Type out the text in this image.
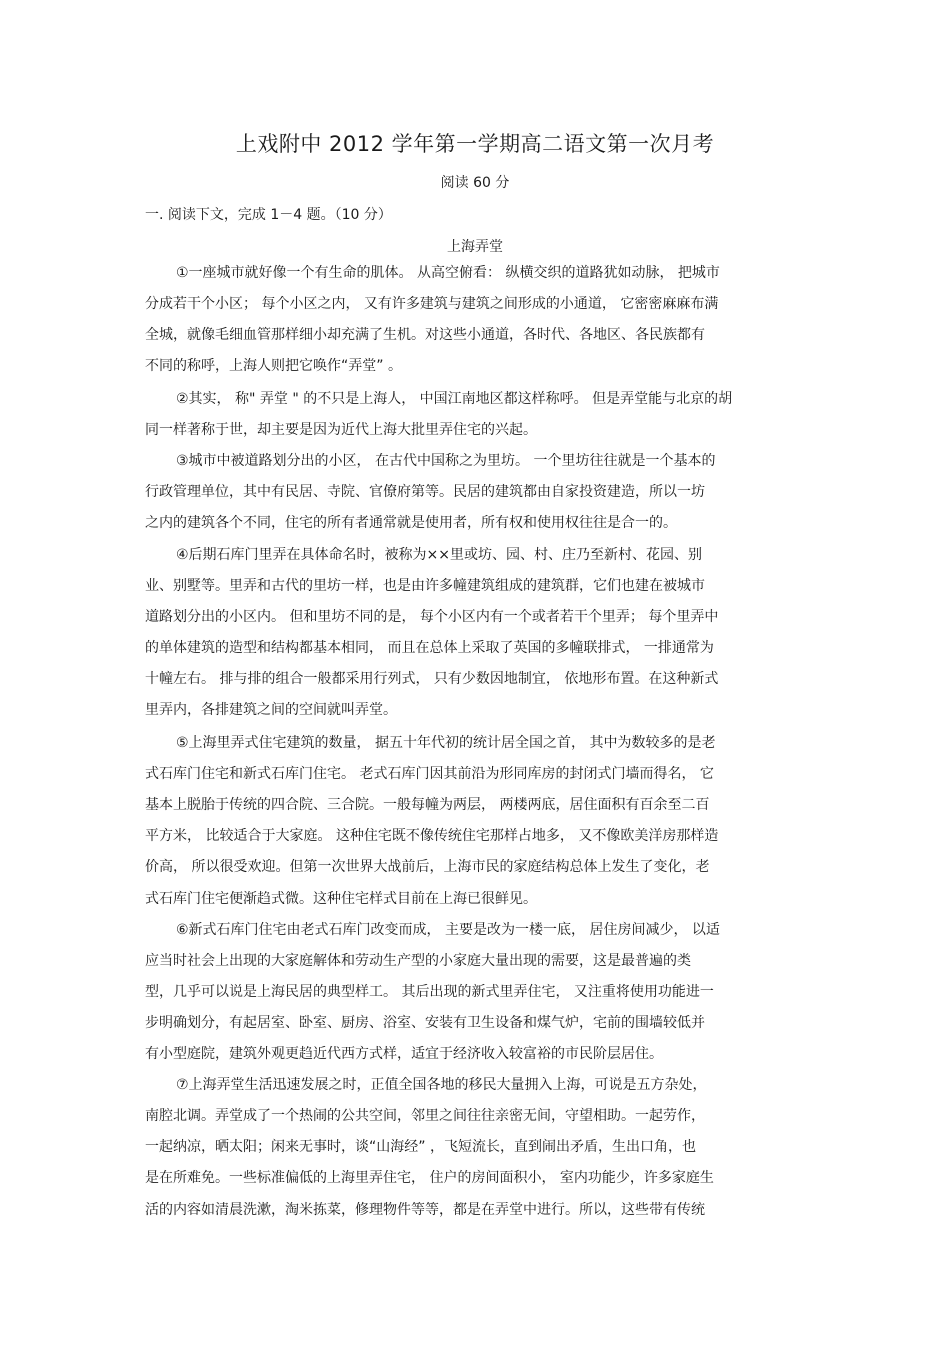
上戏附中 2012 学年第一学期高二语文第一次月考
阅读 60 分
一. 阅读下文，完成 1－4 题。（10 分）
上海弄堂
①一座城市就好像一个有生命的肌体。 从高空俯看： 纵横交织的道路犹如动脉， 把城市
分成若干个小区； 每个小区之内， 又有许多建筑与建筑之间形成的小通道， 它密密麻麻布满
全城，就像毛细血管那样细小却充满了生机。对这些小通道，各时代、各地区、各民族都有
不同的称呼，上海人则把它唤作“弄堂” 。
②其实， 称" 弄堂 " 的不只是上海人， 中国江南地区都这样称呼。 但是弄堂能与北京的胡
同一样著称于世，却主要是因为近代上海大批里弄住宅的兴起。
③城市中被道路划分出的小区， 在古代中国称之为里坊。 一个里坊往往就是一个基本的
行政管理单位，其中有民居、寺院、官僚府第等。民居的建筑都由自家投资建造，所以一坊
之内的建筑各个不同，住宅的所有者通常就是使用者，所有权和使用权往往是合一的。
④后期石库门里弄在具体命名时，被称为××里或坊、园、村、庄乃至新村、花园、别
业、别墅等。里弄和古代的里坊一样，也是由许多幢建筑组成的建筑群，它们也建在被城市
道路划分出的小区内。 但和里坊不同的是， 每个小区内有一个或者若干个里弄； 每个里弄中
的单体建筑的造型和结构都基本相同， 而且在总体上采取了英国的多幢联排式， 一排通常为
十幢左右。 排与排的组合一般都采用行列式， 只有少数因地制宜， 依地形布置。在这种新式
里弄内，各排建筑之间的空间就叫弄堂。
⑤上海里弄式住宅建筑的数量， 据五十年代初的统计居全国之首， 其中为数较多的是老
式石库门住宅和新式石库门住宅。 老式石库门因其前沿为形同库房的封闭式门墙而得名， 它
基本上脱胎于传统的四合院、三合院。一般每幢为两层， 两楼两底，居住面积有百余至二百
平方米， 比较适合于大家庭。 这种住宅既不像传统住宅那样占地多， 又不像欧美洋房那样造
价高， 所以很受欢迎。但第一次世界大战前后，上海市民的家庭结构总体上发生了变化，老
式石库门住宅便渐趋式微。这种住宅样式目前在上海已很鲜见。
⑥新式石库门住宅由老式石库门改变而成， 主要是改为一楼一底， 居住房间减少， 以适
应当时社会上出现的大家庭解体和劳动生产型的小家庭大量出现的需要，这是最普遍的类
型，几乎可以说是上海民居的典型样工。 其后出现的新式里弄住宅， 又注重将使用功能进一
步明确划分，有起居室、卧室、厨房、浴室、安装有卫生设备和煤气炉，宅前的围墙较低并
有小型庭院，建筑外观更趋近代西方式样，适宜于经济收入较富裕的市民阶层居住。
⑦上海弄堂生活迅速发展之时，正值全国各地的移民大量拥入上海，可说是五方杂处，
南腔北调。弄堂成了一个热闹的公共空间，邻里之间往往亲密无间，守望相助。一起劳作，
一起纳凉，晒太阳；闲来无事时，谈“山海经” ，飞短流长，直到闹出矛盾，生出口角，也
是在所难免。一些标准偏低的上海里弄住宅， 住户的房间面积小， 室内功能少，许多家庭生
活的内容如清晨洗漱，淘米拣菜，修理物件等等，都是在弄堂中进行。所以，这些带有传统
